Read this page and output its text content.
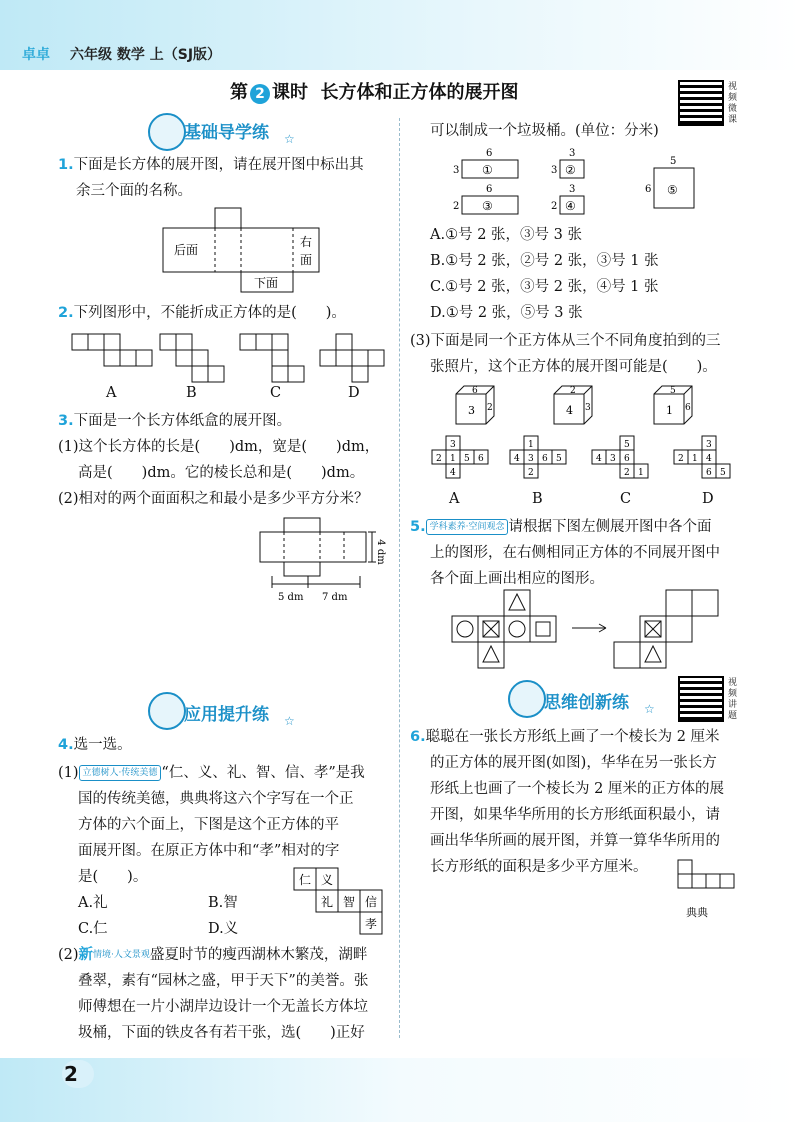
卓卓 六年级 数学 上（SJ版）
第 2 课时 长方体和正方体的展开图	视频微课
基础导学练 ☆
1.下面是长方体的展开图，请在展开图中标出其
余三个面的名称。
后面
右
面
下面
2.下列图形中，不能折成正方体的是(　　)。
A	B	C	D
3.下面是一个长方体纸盒的展开图。
(1)这个长方体的长是(　　)dm，宽是(　　)dm，
高是(　　)dm。它的棱长总和是(　　)dm。
(2)相对的两个面面积之和最小是多少平方分米？
5 dm 7 dm
4 dm
应用提升练 ☆
4.选一选。
(1) 立德树人·传统美德 “仁、义、礼、智、信、孝”是我
国的传统美德，典典将这六个字写在一个正
方体的六个面上，下图是这个正方体的平
面展开图。在原正方体中和“孝”相对的字
是(　　)。
A.礼	B.智
C.仁	D.义
仁 义
礼 智 信
孝
(2)新情境·人文景观盛夏时节的瘦西湖林木繁茂，湖畔
叠翠，素有“园林之盛，甲于天下”的美誉。张
师傅想在一片小湖岸边设计一个无盖长方体垃
圾桶，下面的铁皮各有若干张，选(　　)正好
可以制成一个垃圾桶。(单位：分米)
6
3 ①
3
3 ②
6
2 ③
3
2 ④
5
6 ⑤
A.①号 2 张，③号 3 张
B.①号 2 张，②号 2 张，③号 1 张
C.①号 2 张，③号 2 张，④号 1 张
D.①号 2 张，⑤号 3 张
(3)下面是同一个正方体从三个不同角度拍到的三
张照片，这个正方体的展开图可能是(　　)。
6
3 2
2
4 3
5
1 6
3
2 1 5 6
4
1
4 3 6 5
2
5
4 3 6
2 1
3
2 1 4
6 5
A	B	C	D
5. 学科素养·空间观念 请根据下图左侧展开图中各个面
上的图形，在右侧相同正方体的不同展开图中
各个面上画出相应的图形。
思维创新练 ☆
视频讲题
6.聪聪在一张长方形纸上画了一个棱长为 2 厘米
的正方体的展开图(如图)，华华在另一张长方
形纸上也画了一个棱长为 2 厘米的正方体的展
开图，如果华华所用的长方形纸面积最小，请
画出华华所画的展开图，并算一算华华所用的
长方形纸的面积是多少平方厘米。
典典
2
